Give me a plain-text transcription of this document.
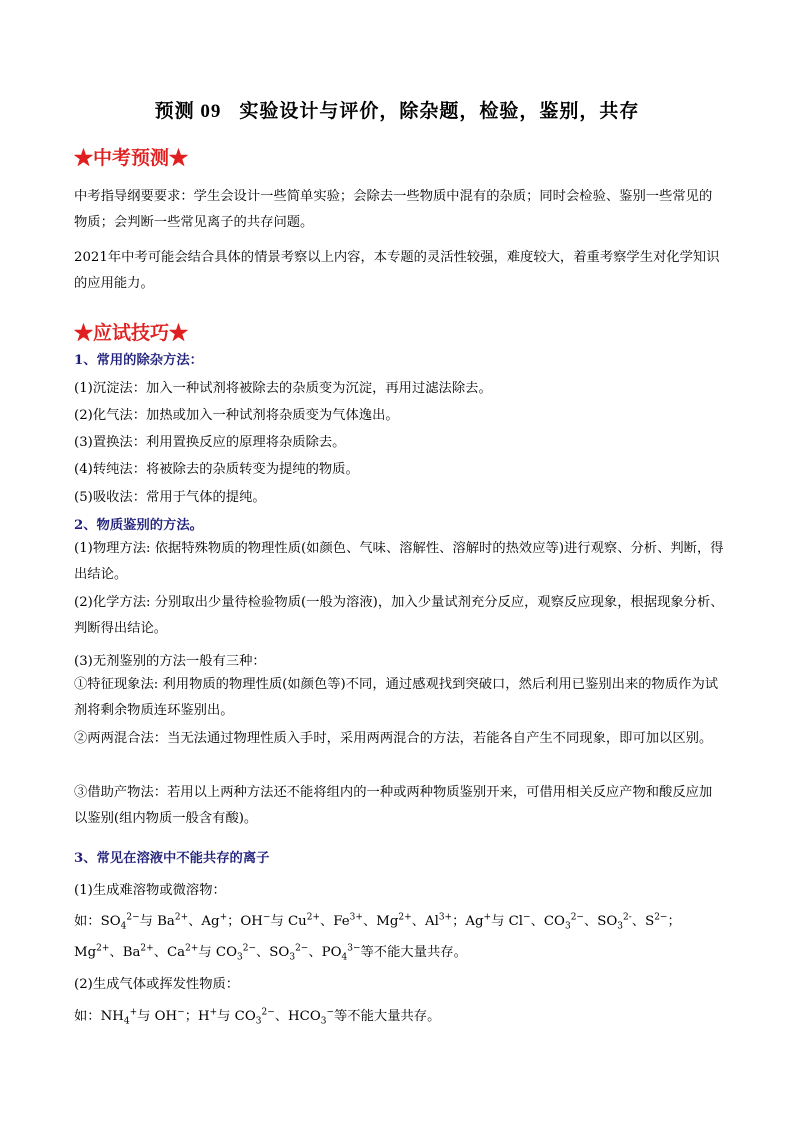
预测 09 实验设计与评价，除杂题，检验，鉴别，共存
★中考预测★
中考指导纲要要求：学生会设计一些简单实验；会除去一些物质中混有的杂质；同时会检验、鉴别一些常见的物质；会判断一些常见离子的共存问题。
2021年中考可能会结合具体的情景考察以上内容，本专题的灵活性较强，难度较大，着重考察学生对化学知识的应用能力。
★应试技巧★
1、常用的除杂方法：
(1)沉淀法：加入一种试剂将被除去的杂质变为沉淀，再用过滤法除去。
(2)化气法：加热或加入一种试剂将杂质变为气体逸出。
(3)置换法：利用置换反应的原理将杂质除去。
(4)转纯法：将被除去的杂质转变为提纯的物质。
(5)吸收法：常用于气体的提纯。
2、物质鉴别的方法。
(1)物理方法: 依据特殊物质的物理性质(如颜色、气味、溶解性、溶解时的热效应等)进行观察、分析、判断，得出结论。
(2)化学方法: 分别取出少量待检验物质(一般为溶液)，加入少量试剂充分反应，观察反应现象，根据现象分析、判断得出结论。
(3)无剂鉴别的方法一般有三种：
①特征现象法: 利用物质的物理性质(如颜色等)不同，通过感观找到突破口，然后利用已鉴别出来的物质作为试剂将剩余物质连环鉴别出。
②两两混合法：当无法通过物理性质入手时，采用两两混合的方法，若能各自产生不同现象，即可加以区别。
③借助产物法：若用以上两种方法还不能将组内的一种或两种物质鉴别开来，可借用相关反应产物和酸反应加以鉴别(组内物质一般含有酸)。
3、常见在溶液中不能共存的离子
(1)生成难溶物或微溶物：
如：$SO_4^{2-}$与 $Ba^{2+}$、Ag+；OH−与 $Cu^{2+}$、$Fe^{3+}$、$Mg^{2+}$、$Al^{3+}$；Ag+与 Cl−、$CO_3^{2-}$、$SO_3^{2-}$、$S^{2-}$；
$Mg^{2+}$、$Ba^{2+}$、$Ca^{2+}$与 $CO_3^{2-}$、$SO_3^{2-}$、$PO_4^{3-}$等不能大量共存。
(2)生成气体或挥发性物质：
如：$NH_4^+$与 OH−；H+与 $CO_3^{2-}$、$HCO_3^-$等不能大量共存。
